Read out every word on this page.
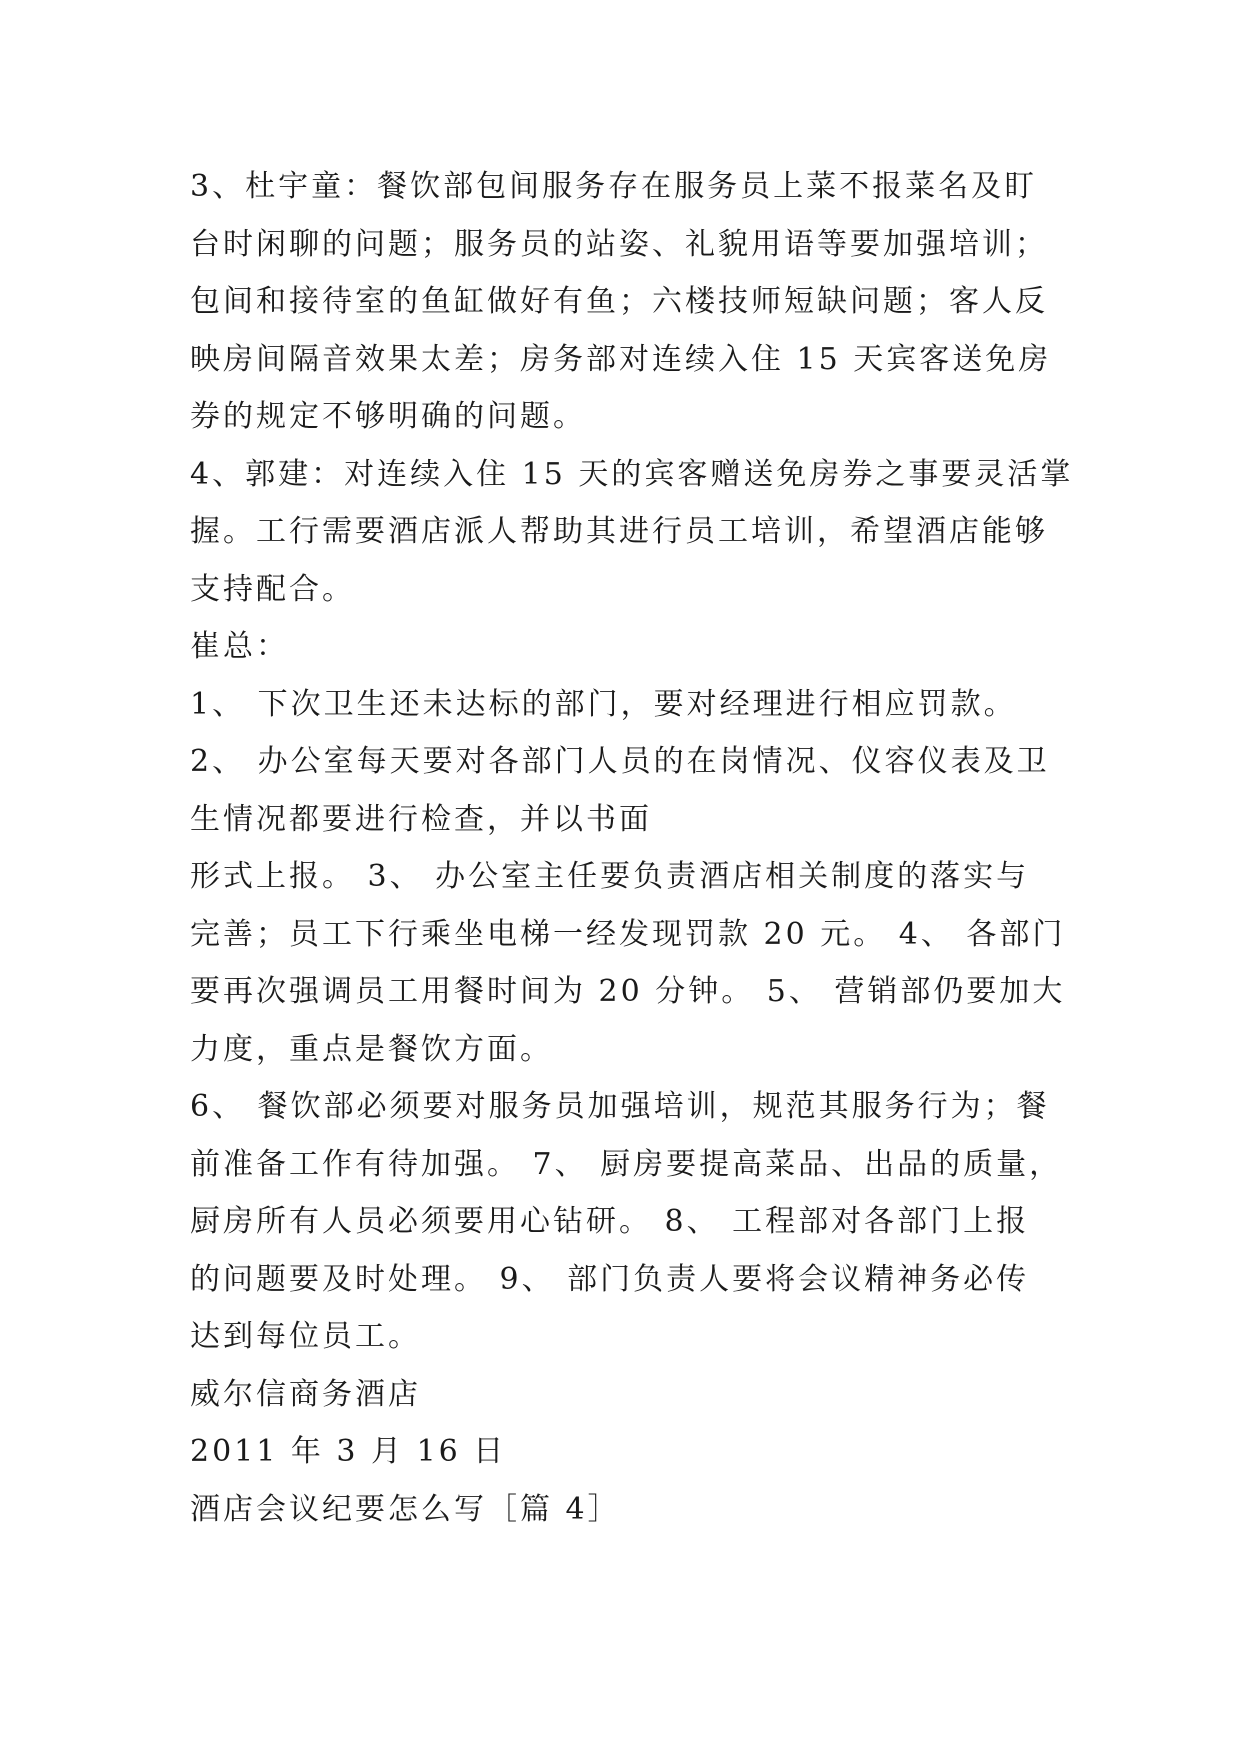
3、杜宇童：餐饮部包间服务存在服务员上菜不报菜名及盯
台时闲聊的问题；服务员的站姿、礼貌用语等要加强培训；
包间和接待室的鱼缸做好有鱼；六楼技师短缺问题；客人反
映房间隔音效果太差；房务部对连续入住 15 天宾客送免房
券的规定不够明确的问题。
4、郭建：对连续入住 15 天的宾客赠送免房券之事要灵活掌
握。工行需要酒店派人帮助其进行员工培训，希望酒店能够
支持配合。
崔总：
1、 下次卫生还未达标的部门，要对经理进行相应罚款。
2、 办公室每天要对各部门人员的在岗情况、仪容仪表及卫
生情况都要进行检查，并以书面
形式上报。 3、 办公室主任要负责酒店相关制度的落实与
完善；员工下行乘坐电梯一经发现罚款 20 元。 4、 各部门
要再次强调员工用餐时间为 20 分钟。 5、 营销部仍要加大
力度，重点是餐饮方面。
6、 餐饮部必须要对服务员加强培训，规范其服务行为；餐
前准备工作有待加强。 7、 厨房要提高菜品、出品的质量，
厨房所有人员必须要用心钻研。 8、 工程部对各部门上报
的问题要及时处理。 9、 部门负责人要将会议精神务必传
达到每位员工。
威尔信商务酒店
2011 年 3 月 16 日
酒店会议纪要怎么写［篇 4］
